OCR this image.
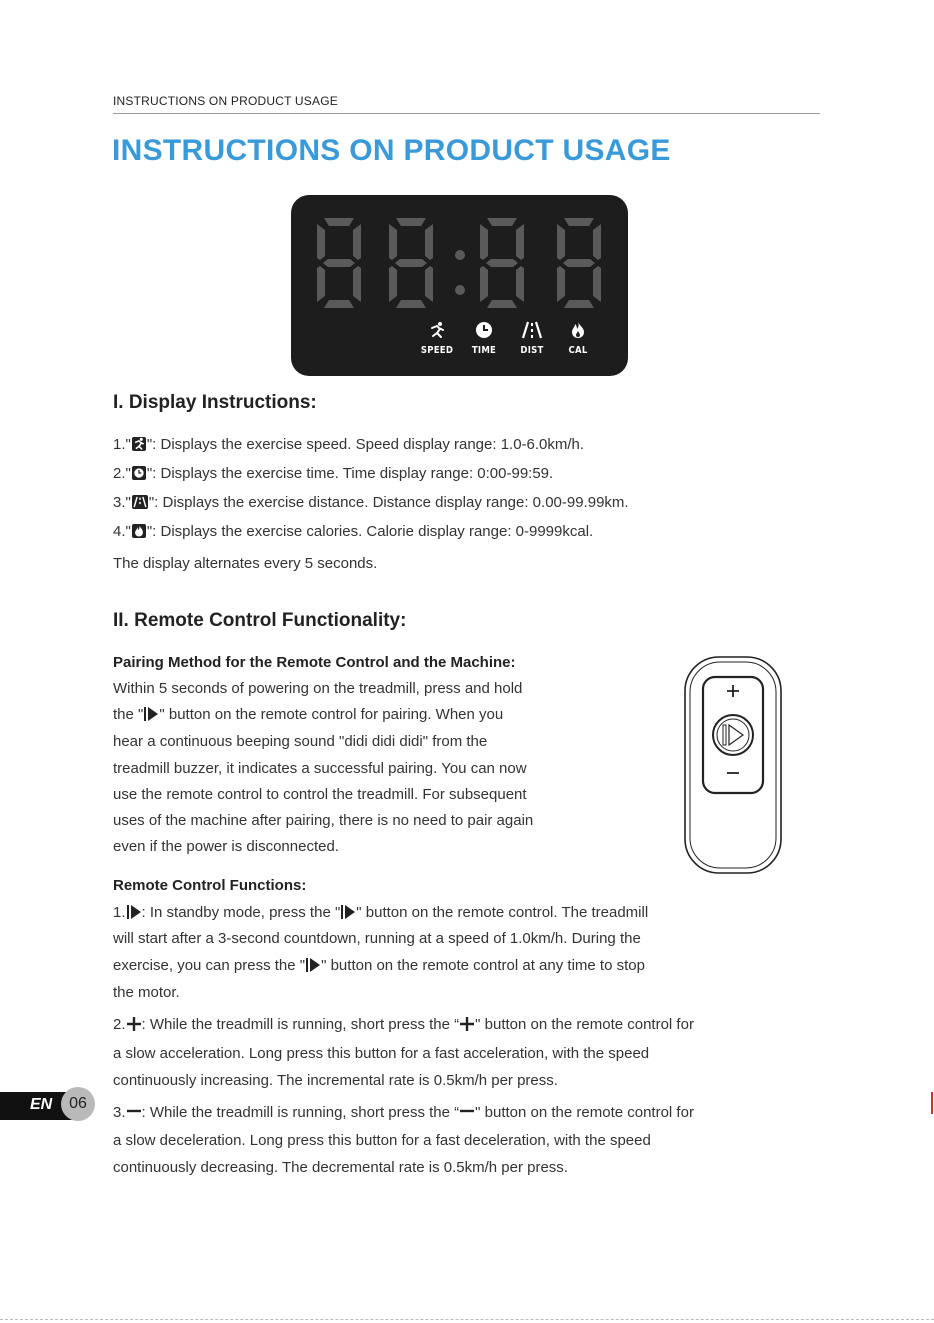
INSTRUCTIONS ON PRODUCT USAGE
INSTRUCTIONS ON PRODUCT USAGE
SPEED	TIME	DIST	CAL
I. Display Instructions:
1." ": Displays the exercise speed. Speed display range: 1.0-6.0km/h.
2." ": Displays the exercise time. Time display range: 0:00-99:59.
3." ": Displays the exercise distance. Distance display range: 0.00-99.99km.
4." ": Displays the exercise calories. Calorie display range: 0-9999kcal.
The display alternates every 5 seconds.
II. Remote Control Functionality:
Pairing Method for the Remote Control and the Machine:
Within 5 seconds of powering on the treadmill, press and hold
the " " button on the remote control for pairing. When you
hear a continuous beeping sound "didi didi didi" from the
treadmill buzzer, it indicates a successful pairing. You can now
use the remote control to control the treadmill. For subsequent
uses of the machine after pairing, there is no need to pair again
even if the power is disconnected.
Remote Control Functions:
1. : In standby mode, press the " " button on the remote control. The treadmill
will start after a 3-second countdown, running at a speed of 1.0km/h. During the
exercise, you can press the " " button on the remote control at any time to stop
the motor.
2. : While the treadmill is running, short press the “ " button on the remote control for
a slow acceleration. Long press this button for a fast acceleration, with the speed
continuously increasing. The incremental rate is 0.5km/h per press.
3. : While the treadmill is running, short press the “ " button on the remote control for
a slow deceleration. Long press this button for a fast deceleration, with the speed
continuously decreasing. The decremental rate is 0.5km/h per press.
EN	06
